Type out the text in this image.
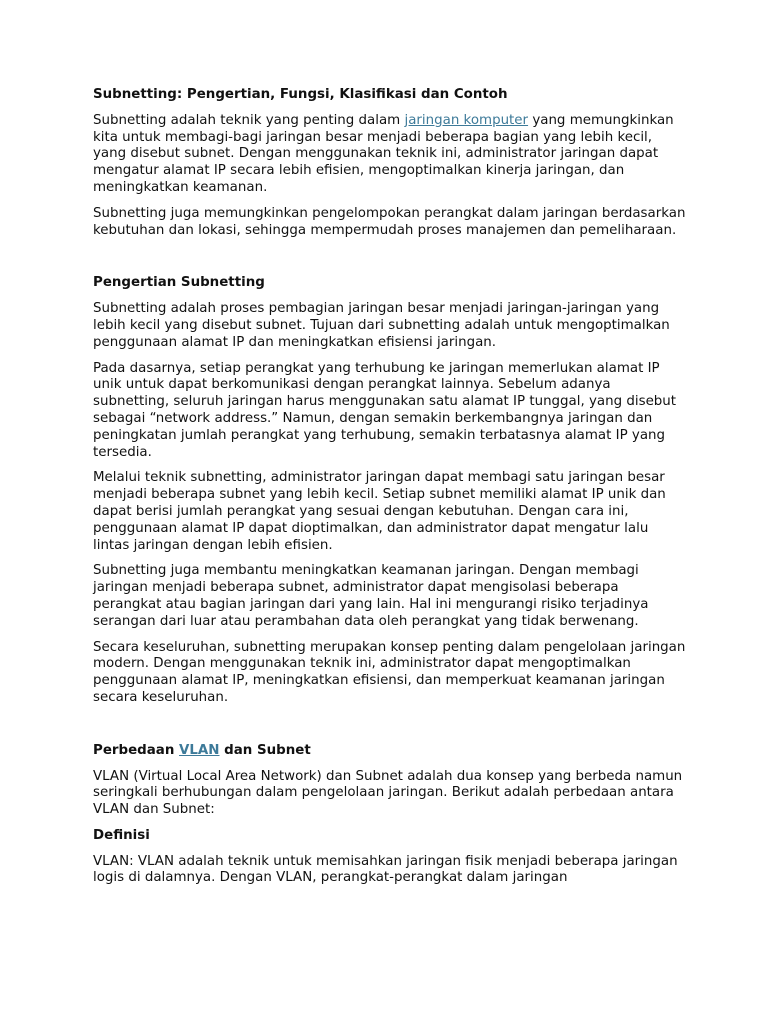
Subnetting: Pengertian, Fungsi, Klasifikasi dan Contoh

Subnetting adalah teknik yang penting dalam jaringan komputer yang memungkinkan kita untuk membagi-bagi jaringan besar menjadi beberapa bagian yang lebih kecil, yang disebut subnet. Dengan menggunakan teknik ini, administrator jaringan dapat mengatur alamat IP secara lebih efisien, mengoptimalkan kinerja jaringan, dan meningkatkan keamanan.

Subnetting juga memungkinkan pengelompokan perangkat dalam jaringan berdasarkan kebutuhan dan lokasi, sehingga mempermudah proses manajemen dan pemeliharaan.

Pengertian Subnetting

Subnetting adalah proses pembagian jaringan besar menjadi jaringan-jaringan yang lebih kecil yang disebut subnet. Tujuan dari subnetting adalah untuk mengoptimalkan penggunaan alamat IP dan meningkatkan efisiensi jaringan.

Pada dasarnya, setiap perangkat yang terhubung ke jaringan memerlukan alamat IP unik untuk dapat berkomunikasi dengan perangkat lainnya. Sebelum adanya subnetting, seluruh jaringan harus menggunakan satu alamat IP tunggal, yang disebut sebagai “network address.” Namun, dengan semakin berkembangnya jaringan dan peningkatan jumlah perangkat yang terhubung, semakin terbatasnya alamat IP yang tersedia.

Melalui teknik subnetting, administrator jaringan dapat membagi satu jaringan besar menjadi beberapa subnet yang lebih kecil. Setiap subnet memiliki alamat IP unik dan dapat berisi jumlah perangkat yang sesuai dengan kebutuhan. Dengan cara ini, penggunaan alamat IP dapat dioptimalkan, dan administrator dapat mengatur lalu lintas jaringan dengan lebih efisien.

Subnetting juga membantu meningkatkan keamanan jaringan. Dengan membagi jaringan menjadi beberapa subnet, administrator dapat mengisolasi beberapa perangkat atau bagian jaringan dari yang lain. Hal ini mengurangi risiko terjadinya serangan dari luar atau perambahan data oleh perangkat yang tidak berwenang.

Secara keseluruhan, subnetting merupakan konsep penting dalam pengelolaan jaringan modern. Dengan menggunakan teknik ini, administrator dapat mengoptimalkan penggunaan alamat IP, meningkatkan efisiensi, dan memperkuat keamanan jaringan secara keseluruhan.

Perbedaan VLAN dan Subnet

VLAN (Virtual Local Area Network) dan Subnet adalah dua konsep yang berbeda namun seringkali berhubungan dalam pengelolaan jaringan. Berikut adalah perbedaan antara VLAN dan Subnet:

Definisi

VLAN: VLAN adalah teknik untuk memisahkan jaringan fisik menjadi beberapa jaringan logis di dalamnya. Dengan VLAN, perangkat-perangkat dalam jaringan
